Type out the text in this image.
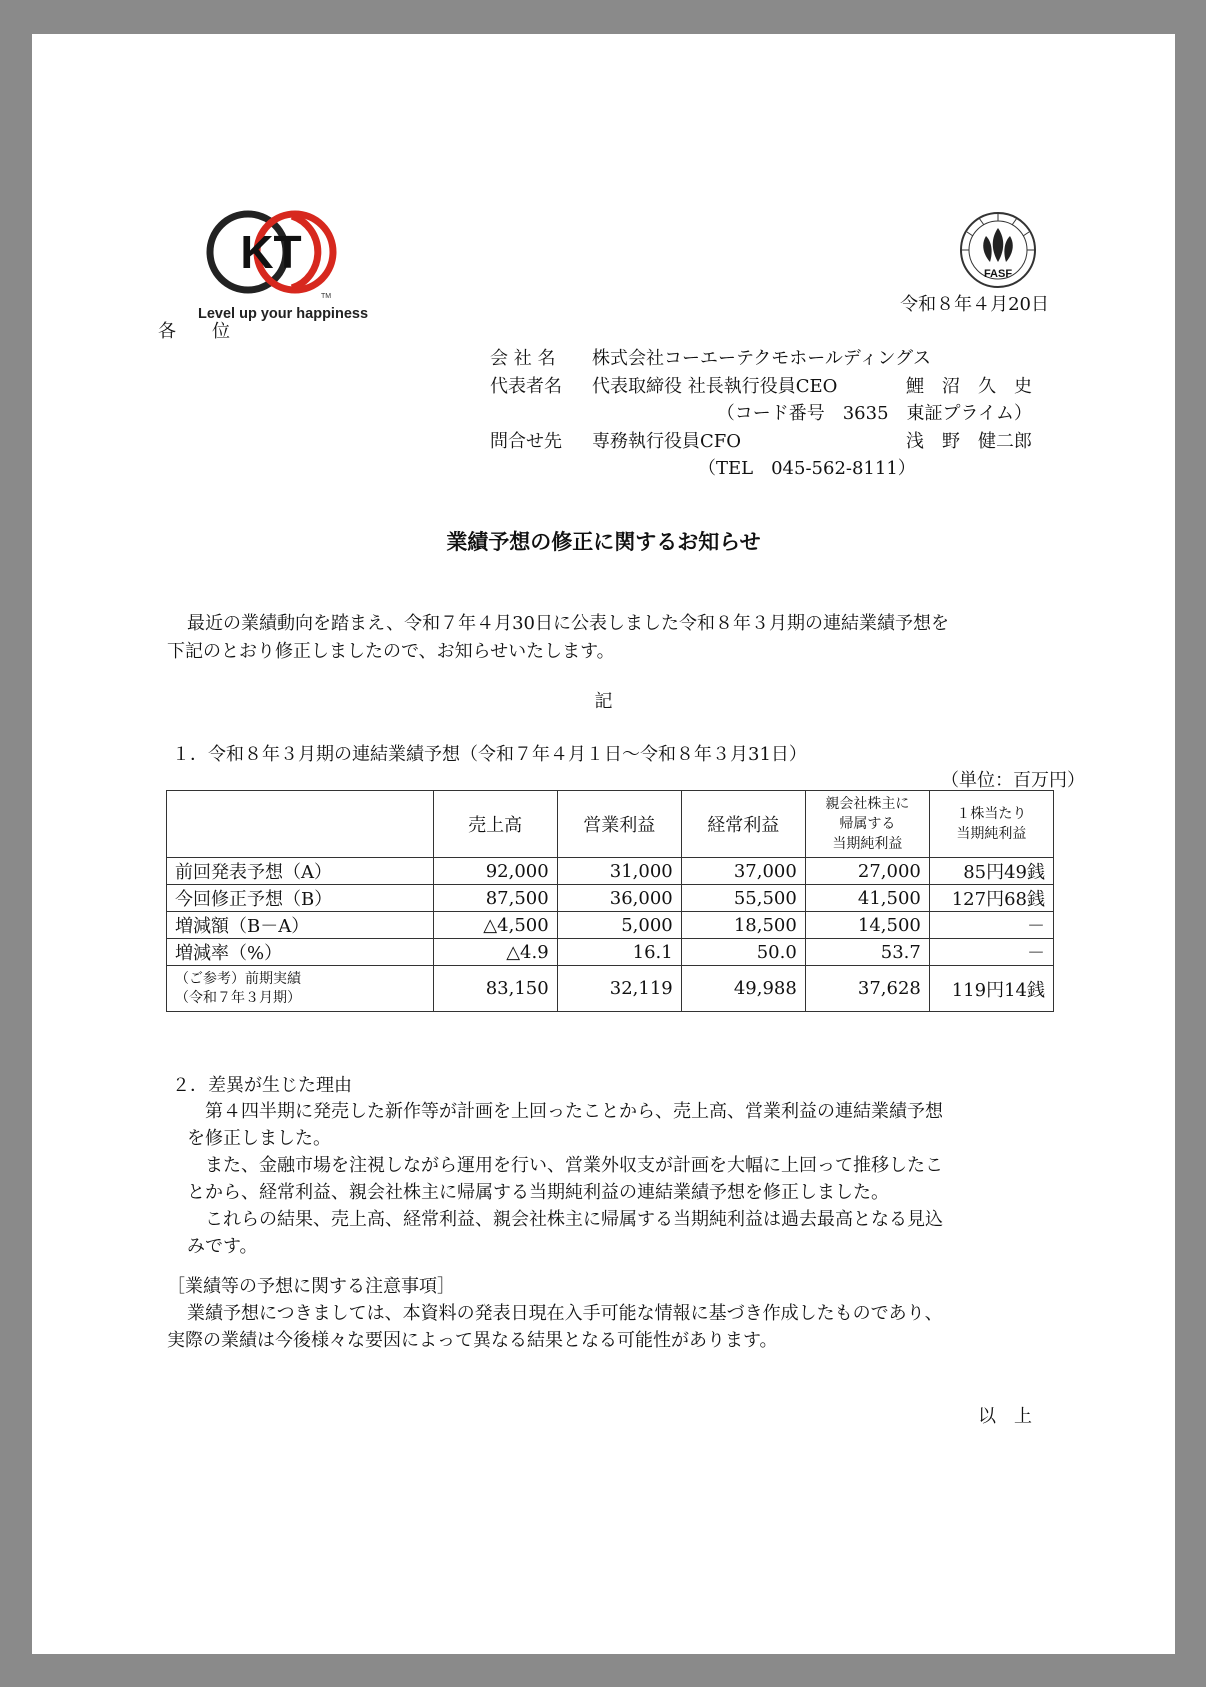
KT
TM
Level up your happiness
FASF
令和８年４月20日
各　　位
会 社 名 株式会社コーエーテクモホールディングス
代表者名 代表取締役 社長執行役員CEO	鯉　沼　久　史
（コード番号　3635　東証プライム）
問合せ先 専務執行役員CFO	浅　野　健二郎
（TEL　045-562-8111）
業績予想の修正に関するお知らせ
最近の業績動向を踏まえ、令和７年４月30日に公表しました令和８年３月期の連結業績予想を
下記のとおり修正しましたので、お知らせいたします。
記
１．令和８年３月期の連結業績予想（令和７年４月１日～令和８年３月31日）
（単位：百万円）
	売上高	営業利益	経常利益	親会社株主に
帰属する
当期純利益	１株当たり
当期純利益
前回発表予想（A）	92,000	31,000	37,000	27,000	85円49銭
今回修正予想（B）	87,500	36,000	55,500	41,500	127円68銭
増減額（B－A）	△4,500	5,000	18,500	14,500	－
増減率（%）	△4.9	16.1	50.0	53.7	－
（ご参考）前期実績
（令和７年３月期）	83,150	32,119	49,988	37,628	119円14銭
２．差異が生じた理由
第４四半期に発売した新作等が計画を上回ったことから、売上高、営業利益の連結業績予想
を修正しました。
また、金融市場を注視しながら運用を行い、営業外収支が計画を大幅に上回って推移したこ
とから、経常利益、親会社株主に帰属する当期純利益の連結業績予想を修正しました。
これらの結果、売上高、経常利益、親会社株主に帰属する当期純利益は過去最高となる見込
みです。
［業績等の予想に関する注意事項］
業績予想につきましては、本資料の発表日現在入手可能な情報に基づき作成したものであり、
実際の業績は今後様々な要因によって異なる結果となる可能性があります。
以　上
